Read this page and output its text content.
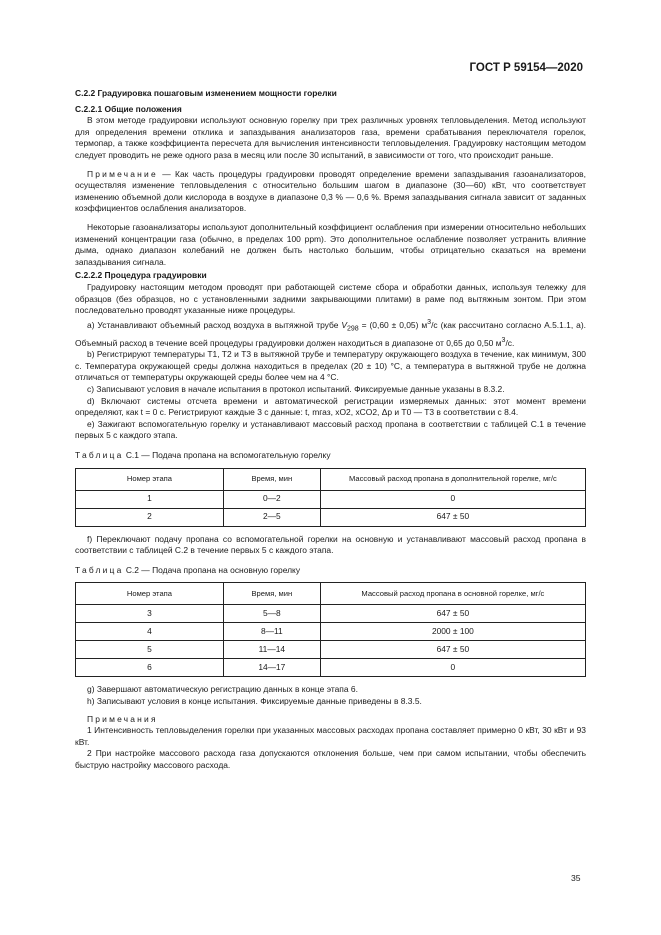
ГОСТ Р 59154—2020
С.2.2 Градуировка пошаговым изменением мощности горелки
С.2.2.1 Общие положения

В этом методе градуировки используют основную горелку при трех различных уровнях тепловыделения. Метод используют для определения времени отклика и запаздывания анализаторов газа, времени срабатывания переключателя горелок, термопар, а также коэффициента пересчета для вычисления интенсивности тепловыделения. Градуировку настоящим методом следует проводить не реже одного раза в месяц или после 30 испытаний, в зависимости от того, что происходит раньше.

Примечание — Как часть процедуры градуировки проводят определение времени запаздывания газоанализаторов, осуществляя изменение тепловыделения с относительно большим шагом в диапазоне (30—60) кВт, что соответствует изменению объемной доли кислорода в воздухе в диапазоне 0,3 % — 0,6 %. Время запаздывания сигнала зависит от заданных коэффициентов ослабления анализаторов.

Некоторые газоанализаторы используют дополнительный коэффициент ослабления при измерении относительно небольших изменений концентрации газа (обычно, в пределах 100 ppm). Это дополнительное ослабление позволяет устранить влияние дыма, однако диапазон колебаний не должен быть настолько большим, чтобы отрицательно сказаться на времени запаздывания сигнала.

С.2.2.2 Процедура градуировки

Градуировку настоящим методом проводят при работающей системе сбора и обработки данных, используя тележку для образцов (без образцов, но с установленными задними закрывающими плитами) в раме под вытяжным зонтом. При этом последовательно проводят указанные ниже процедуры.

а) Устанавливают объемный расход воздуха в вытяжной трубе $V_{298} = (0,60 \pm 0,05)$ $м^3/с$ (как рассчитано согласно А.5.1.1, а). Объемный расход в течение всей процедуры градуировки должен находиться в диапазоне от 0,65 до 0,50 $м^3/с$.

b) Регистрируют температуры T1, T2 и T3 в вытяжной трубе и температуру окружающего воздуха в течение, как минимум, 300 с. Температура окружающей среды должна находиться в пределах (20 ± 10) °С, а температура в вытяжной трубе не должна отличаться от температуры окружающей среды более чем на 4 °С.

с) Записывают условия в начале испытания в протокол испытаний. Фиксируемые данные указаны в 8.3.2.

d) Включают системы отсчета времени и автоматической регистрации измеряемых данных: этот момент времени определяют, как t = 0 с. Регистрируют каждые 3 с данные: t, mгаз, xO2, xCO2, Δp и T0 — T3 в соответствии с 8.4.

е) Зажигают вспомогательную горелку и устанавливают массовый расход пропана в соответствии с таблицей С.1 в течение первых 5 с каждого этапа.

Таблица С.1 — Подача пропана на вспомогательную горелку
Номер этапа	Время, мин	Массовый расход пропана в дополнительной горелке, мг/с
1	0—2	0
2	2—5	647 ± 50

f) Переключают подачу пропана со вспомогательной горелки на основную и устанавливают массовый расход пропана в соответствии с таблицей С.2 в течение первых 5 с каждого этапа.

Таблица С.2 — Подача пропана на основную горелку
Номер этапа	Время, мин	Массовый расход пропана в основной горелке, мг/с
3	5—8	647 ± 50
4	8—11	2000 ± 100
5	11—14	647 ± 50
6	14—17	0

g) Завершают автоматическую регистрацию данных в конце этапа 6.

h) Записывают условия в конце испытания. Фиксируемые данные приведены в 8.3.5.

Примечания

1 Интенсивность тепловыделения горелки при указанных массовых расходах пропана составляет примерно 0 кВт, 30 кВт и 93 кВт.

2 При настройке массового расхода газа допускаются отклонения больше, чем при самом испытании, чтобы обеспечить быструю настройку массового расхода.

35
